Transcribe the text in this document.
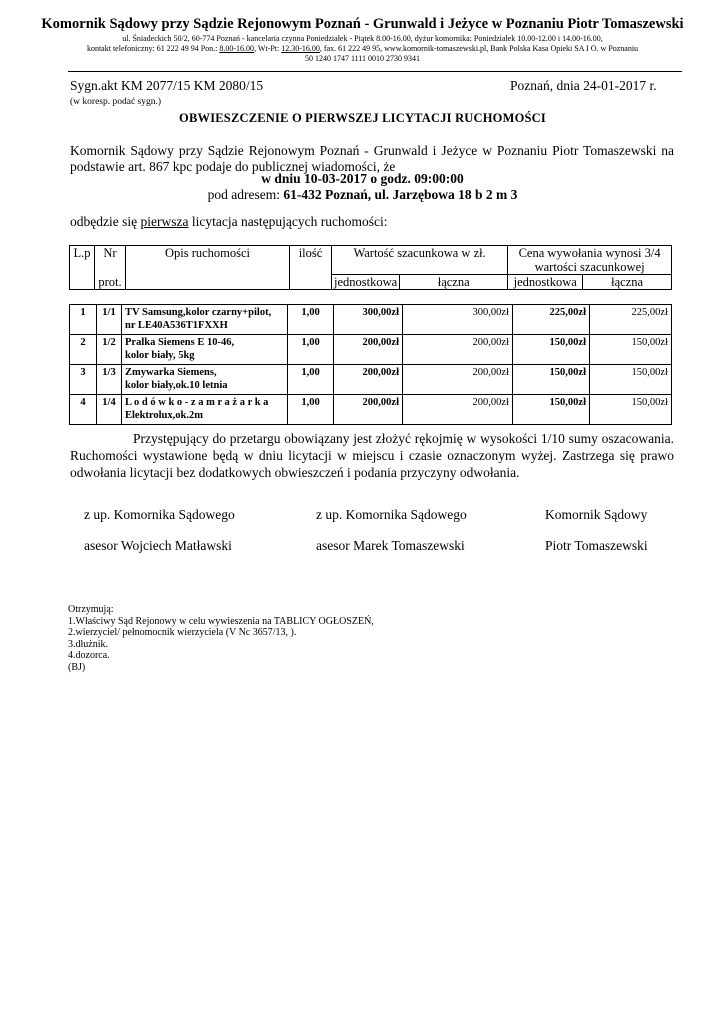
Komornik Sądowy przy Sądzie Rejonowym Poznań - Grunwald i Jeżyce w Poznaniu Piotr Tomaszewski
ul. Śniadeckich 50/2, 60-774 Poznań - kancelaria czynna Poniedziałek - Piątek 8.00-16.00, dyżur komornika: Poniedziałek 10.00-12.00 i 14.00-16.00,
kontakt telefoniczny: 61 222 49 94 Pon.: 8.00-16.00, Wt-Pt: 12.30-16.00, fax. 61 222 49 95, www.komornik-tomaszewski.pl, Bank Polska Kasa Opieki SA I O. w Poznaniu
50 1240 1747 1111 0010 2730 9341
Sygn.akt KM 2077/15 KM 2080/15	Poznań, dnia 24-01-2017 r.
(w koresp. podać sygn.)
OBWIESZCZENIE O PIERWSZEJ LICYTACJI RUCHOMOŚCI
Komornik Sądowy przy Sądzie Rejonowym Poznań - Grunwald i Jeżyce w Poznaniu Piotr Tomaszewski na podstawie art. 867 kpc podaje do publicznej wiadomości, że
w dniu 10-03-2017 o godz. 09:00:00
pod adresem: 61-432 Poznań, ul. Jarzębowa 18 b 2 m 3
odbędzie się pierwsza licytacja następujących ruchomości:
L.p	Nr
prot.	Opis ruchomości	ilość	Wartość szacunkowa w zł.		Cena wywołania wynosi 3/4 wartości szacunkowej	
				jednostkowa	łączna	jednostkowa	łączna
1	1/1	TV Samsung,kolor czarny+pilot,
nr LE40A536T1FXXH	1,00	300,00zł	300,00zł	225,00zł	225,00zł
2	1/2	Pralka Siemens E 10-46,
kolor biały, 5kg	1,00	200,00zł	200,00zł	150,00zł	150,00zł
3	1/3	Zmywarka Siemens,
kolor biały,ok.10 letnia	1,00	200,00zł	200,00zł	150,00zł	150,00zł
4	1/4	L o d ó w k o - z a m r a ż a r k a
Elektrolux,ok.2m	1,00	200,00zł	200,00zł	150,00zł	150,00zł
Przystępujący do przetargu obowiązany jest złożyć rękojmię w wysokości 1/10 sumy oszacowania. Ruchomości wystawione będą w dniu licytacji w miejscu i czasie oznaczonym wyżej. Zastrzega się prawo odwołania licytacji bez dodatkowych obwieszczeń i podania przyczyny odwołania.
z up. Komornika Sądowego
asesor Wojciech Matławski
z up. Komornika Sądowego
asesor Marek Tomaszewski
Komornik Sądowy
Piotr Tomaszewski
Otrzymują:
1.Właściwy Sąd Rejonowy w celu wywieszenia na TABLICY OGŁOSZEŃ,
2.wierzyciel/ pełnomocnik wierzyciela (V Nc 3657/13, ).
3.dłużnik.
4.dozorca.
(BJ)
